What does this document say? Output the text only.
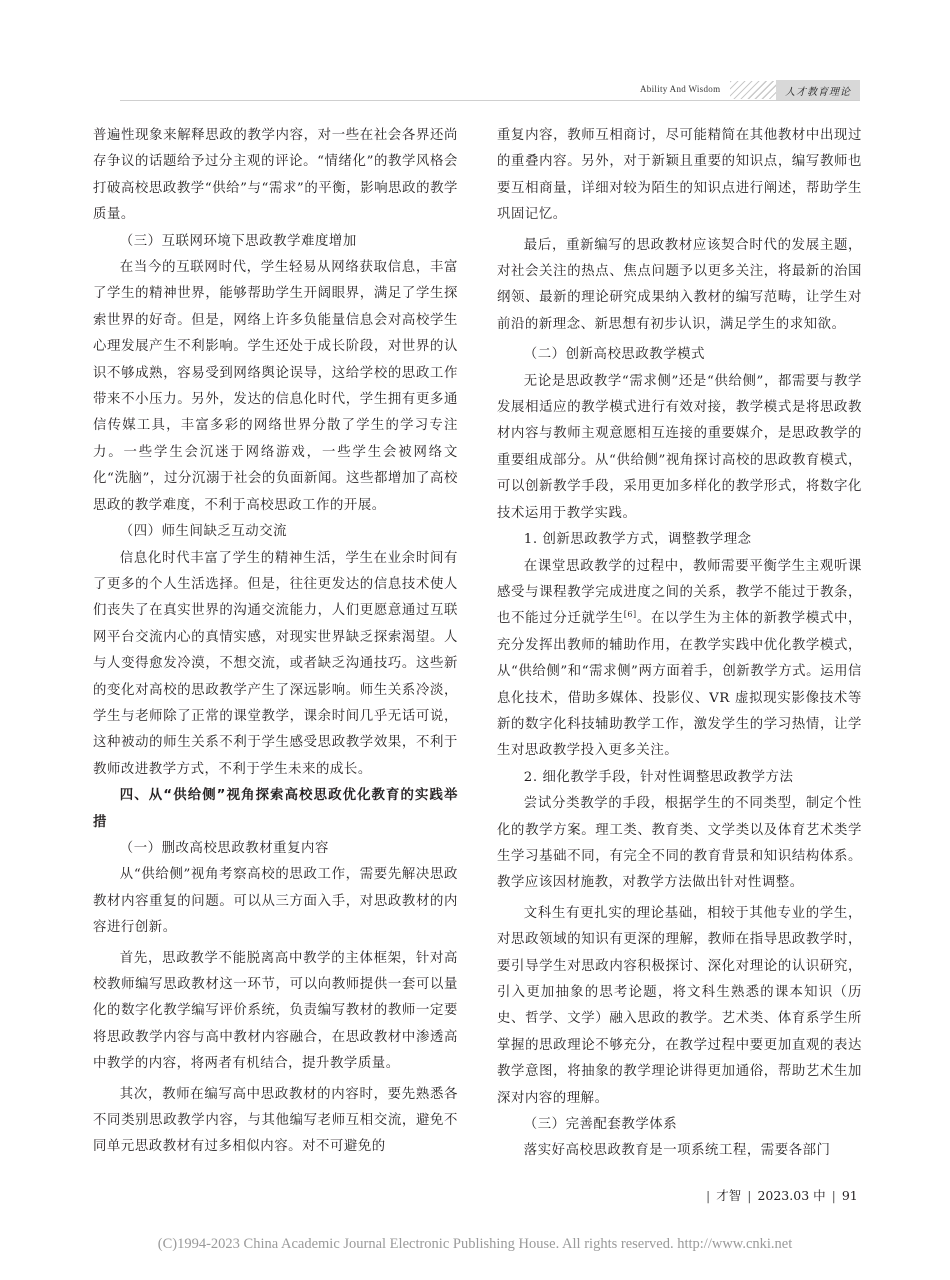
Ability And Wisdom	人才教育理论

普遍性现象来解释思政的教学内容，对一些在社会各界还尚存争议的话题给予过分主观的评论。“情绪化”的教学风格会打破高校思政教学“供给”与“需求”的平衡，影响思政的教学质量。

（三）互联网环境下思政教学难度增加

在当今的互联网时代，学生轻易从网络获取信息，丰富了学生的精神世界，能够帮助学生开阔眼界，满足了学生探索世界的好奇。但是，网络上许多负能量信息会对高校学生心理发展产生不利影响。学生还处于成长阶段，对世界的认识不够成熟，容易受到网络舆论误导，这给学校的思政工作带来不小压力。另外，发达的信息化时代，学生拥有更多通信传媒工具，丰富多彩的网络世界分散了学生的学习专注力。一些学生会沉迷于网络游戏，一些学生会被网络文化“洗脑”，过分沉溺于社会的负面新闻。这些都增加了高校思政的教学难度，不利于高校思政工作的开展。

（四）师生间缺乏互动交流

信息化时代丰富了学生的精神生活，学生在业余时间有了更多的个人生活选择。但是，往往更发达的信息技术使人们丧失了在真实世界的沟通交流能力，人们更愿意通过互联网平台交流内心的真情实感，对现实世界缺乏探索渴望。人与人变得愈发冷漠，不想交流，或者缺乏沟通技巧。这些新的变化对高校的思政教学产生了深远影响。师生关系冷淡，学生与老师除了正常的课堂教学，课余时间几乎无话可说，这种被动的师生关系不利于学生感受思政教学效果，不利于教师改进教学方式，不利于学生未来的成长。

四、从“供给侧”视角探索高校思政优化教育的实践举措

（一）删改高校思政教材重复内容

从“供给侧”视角考察高校的思政工作，需要先解决思政教材内容重复的问题。可以从三方面入手，对思政教材的内容进行创新。

首先，思政教学不能脱离高中教学的主体框架，针对高校教师编写思政教材这一环节，可以向教师提供一套可以量化的数字化教学编写评价系统，负责编写教材的教师一定要将思政教学内容与高中教材内容融合，在思政教材中渗透高中教学的内容，将两者有机结合，提升教学质量。

其次，教师在编写高中思政教材的内容时，要先熟悉各不同类别思政教学内容，与其他编写老师互相交流，避免不同单元思政教材有过多相似内容。对不可避免的

重复内容，教师互相商讨，尽可能精简在其他教材中出现过的重叠内容。另外，对于新颖且重要的知识点，编写教师也要互相商量，详细对较为陌生的知识点进行阐述，帮助学生巩固记忆。

最后，重新编写的思政教材应该契合时代的发展主题，对社会关注的热点、焦点问题予以更多关注，将最新的治国纲领、最新的理论研究成果纳入教材的编写范畴，让学生对前沿的新理念、新思想有初步认识，满足学生的求知欲。

（二）创新高校思政教学模式

无论是思政教学“需求侧”还是“供给侧”，都需要与教学发展相适应的教学模式进行有效对接，教学模式是将思政教材内容与教师主观意愿相互连接的重要媒介，是思政教学的重要组成部分。从“供给侧”视角探讨高校的思政教育模式，可以创新教学手段，采用更加多样化的教学形式，将数字化技术运用于教学实践。

1. 创新思政教学方式，调整教学理念

在课堂思政教学的过程中，教师需要平衡学生主观听课感受与课程教学完成进度之间的关系，教学不能过于教条，也不能过分迁就学生[6]。在以学生为主体的新教学模式中，充分发挥出教师的辅助作用，在教学实践中优化教学模式，从“供给侧”和“需求侧”两方面着手，创新教学方式。运用信息化技术，借助多媒体、投影仪、VR 虚拟现实影像技术等新的数字化科技辅助教学工作，激发学生的学习热情，让学生对思政教学投入更多关注。

2. 细化教学手段，针对性调整思政教学方法

尝试分类教学的手段，根据学生的不同类型，制定个性化的教学方案。理工类、教育类、文学类以及体育艺术类学生学习基础不同，有完全不同的教育背景和知识结构体系。教学应该因材施教，对教学方法做出针对性调整。

文科生有更扎实的理论基础，相较于其他专业的学生，对思政领域的知识有更深的理解，教师在指导思政教学时，要引导学生对思政内容积极探讨、深化对理论的认识研究，引入更加抽象的思考论题，将文科生熟悉的课本知识（历史、哲学、文学）融入思政的教学。艺术类、体育系学生所掌握的思政理论不够充分，在教学过程中要更加直观的表达教学意图，将抽象的教学理论讲得更加通俗，帮助艺术生加深对内容的理解。

（三）完善配套教学体系

落实好高校思政教育是一项系统工程，需要各部门

| 才智 | 2023.03 中 | 91
(C)1994-2023 China Academic Journal Electronic Publishing House. All rights reserved. http://www.cnki.net
